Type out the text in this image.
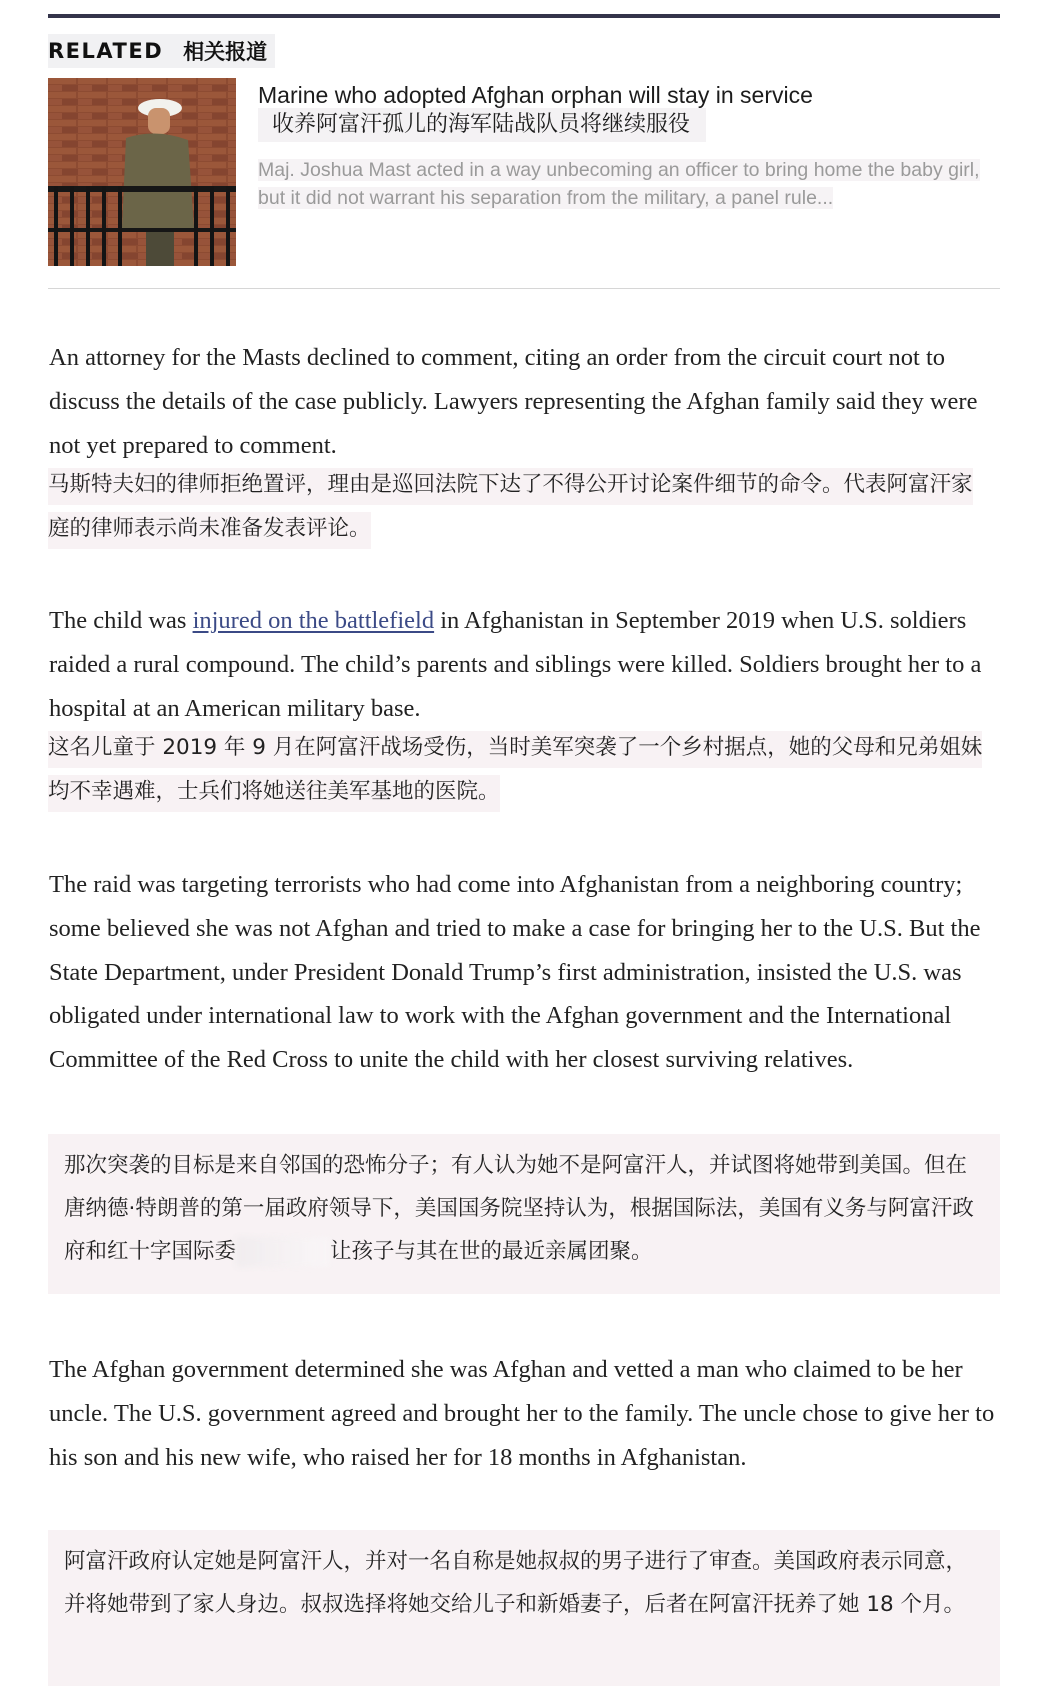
RELATED 相关报道
Marine who adopted Afghan orphan will stay in service
收养阿富汗孤儿的海军陆战队员将继续服役
Maj. Joshua Mast acted in a way unbecoming an officer to bring home the baby girl, but it did not warrant his separation from the military, a panel rule...

An attorney for the Masts declined to comment, citing an order from the circuit court not to discuss the details of the case publicly. Lawyers representing the Afghan family said they were not yet prepared to comment.

马斯特夫妇的律师拒绝置评，理由是巡回法院下达了不得公开讨论案件细节的命令。代表阿富汗家庭的律师表示尚未准备发表评论。

The child was injured on the battlefield in Afghanistan in September 2019 when U.S. soldiers raided a rural compound. The child’s parents and siblings were killed. Soldiers brought her to a hospital at an American military base.

这名儿童于 2019 年 9 月在阿富汗战场受伤，当时美军突袭了一个乡村据点，她的父母和兄弟姐妹均不幸遇难，士兵们将她送往美军基地的医院。

The raid was targeting terrorists who had come into Afghanistan from a neighboring country; some believed she was not Afghan and tried to make a case for bringing her to the U.S. But the State Department, under President Donald Trump’s first administration, insisted the U.S. was obligated under international law to work with the Afghan government and the International Committee of the Red Cross to unite the child with her closest surviving relatives.

那次突袭的目标是来自邻国的恐怖分子；有人认为她不是阿富汗人，并试图将她带到美国。但在唐纳德·特朗普的第一届政府领导下，美国国务院坚持认为，根据国际法，美国有义务与阿富汗政府和红十字国际委	让孩子与其在世的最近亲属团聚。

The Afghan government determined she was Afghan and vetted a man who claimed to be her uncle. The U.S. government agreed and brought her to the family. The uncle chose to give her to his son and his new wife, who raised her for 18 months in Afghanistan.

阿富汗政府认定她是阿富汗人，并对一名自称是她叔叔的男子进行了审查。美国政府表示同意，并将她带到了家人身边。叔叔选择将她交给儿子和新婚妻子，后者在阿富汗抚养了她 18 个月。
